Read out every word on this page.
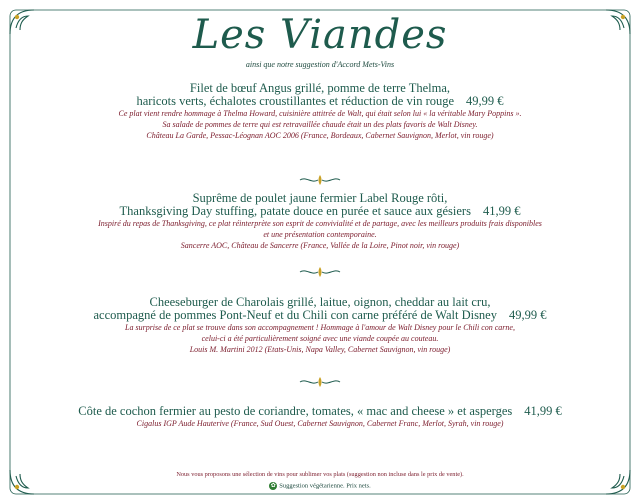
Les Viandes
ainsi que notre suggestion d'Accord Mets-Vins
Filet de bœuf Angus grillé, pomme de terre Thelma,
haricots verts, échalotes croustillantes et réduction de vin rouge 49,99 €
Ce plat vient rendre hommage à Thelma Howard, cuisinière attitrée de Walt, qui était selon lui « la véritable Mary Poppins ».
Sa salade de pommes de terre qui est retravaillée chaude était un des plats favoris de Walt Disney.
Château La Garde, Pessac-Léognan AOC 2006 (France, Bordeaux, Cabernet Sauvignon, Merlot, vin rouge)
Suprême de poulet jaune fermier Label Rouge rôti,
Thanksgiving Day stuffing, patate douce en purée et sauce aux gésiers 41,99 €
Inspiré du repas de Thanksgiving, ce plat réinterprète son esprit de convivialité et de partage, avec les meilleurs produits frais disponibles
et une présentation contemporaine.
Sancerre AOC, Château de Sancerre (France, Vallée de la Loire, Pinot noir, vin rouge)
Cheeseburger de Charolais grillé, laitue, oignon, cheddar au lait cru,
accompagné de pommes Pont-Neuf et du Chili con carne préféré de Walt Disney 49,99 €
La surprise de ce plat se trouve dans son accompagnement ! Hommage à l'amour de Walt Disney pour le Chili con carne,
celui-ci a été particulièrement soigné avec une viande coupée au couteau.
Louis M. Martini 2012 (Etats-Unis, Napa Valley, Cabernet Sauvignon, vin rouge)
Côte de cochon fermier au pesto de coriandre, tomates, « mac and cheese » et asperges 41,99 €
Cigalus IGP Aude Hauterive (France, Sud Ouest, Cabernet Sauvignon, Cabernet Franc, Merlot, Syrah, vin rouge)
Nous vous proposons une sélection de vins pour sublimer vos plats (suggestion non incluse dans le prix de vente).
✿ Suggestion végétarienne. Prix nets.
